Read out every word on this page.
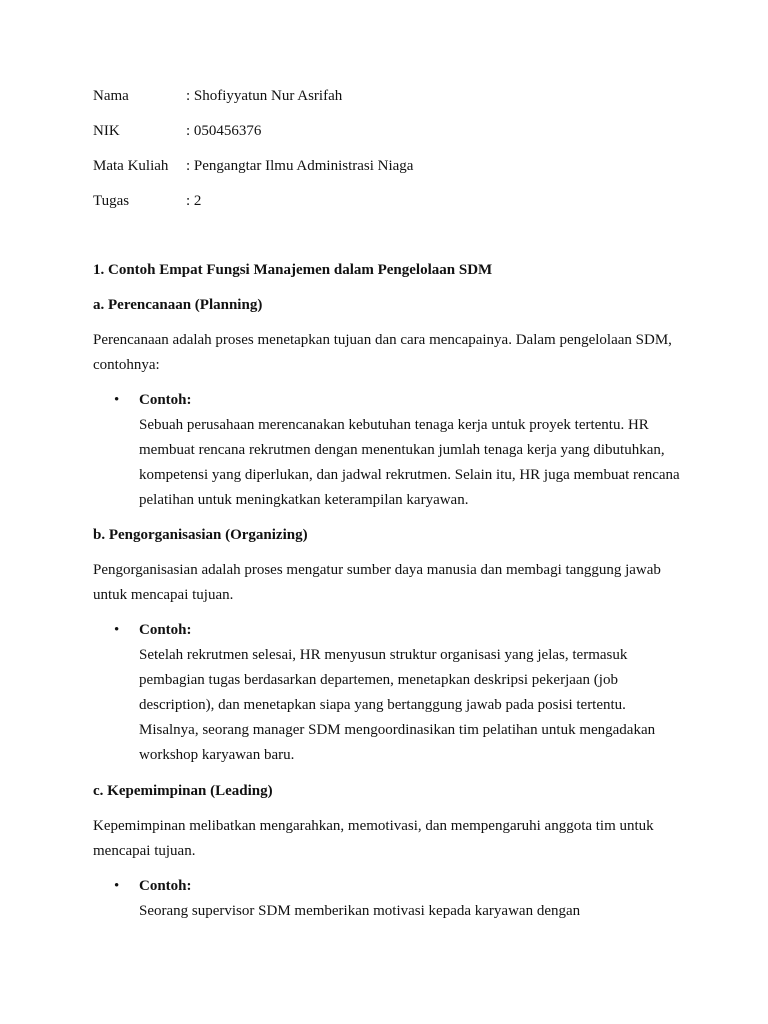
Nama	: Shofiyyatun Nur Asrifah
NIK	: 050456376
Mata Kuliah : Pengangtar Ilmu Administrasi Niaga
Tugas	: 2
1. Contoh Empat Fungsi Manajemen dalam Pengelolaan SDM
a. Perencanaan (Planning)
Perencanaan adalah proses menetapkan tujuan dan cara mencapainya. Dalam pengelolaan SDM, contohnya:
• Contoh:
Sebuah perusahaan merencanakan kebutuhan tenaga kerja untuk proyek tertentu. HR membuat rencana rekrutmen dengan menentukan jumlah tenaga kerja yang dibutuhkan, kompetensi yang diperlukan, dan jadwal rekrutmen. Selain itu, HR juga membuat rencana pelatihan untuk meningkatkan keterampilan karyawan.
b. Pengorganisasian (Organizing)
Pengorganisasian adalah proses mengatur sumber daya manusia dan membagi tanggung jawab untuk mencapai tujuan.
• Contoh:
Setelah rekrutmen selesai, HR menyusun struktur organisasi yang jelas, termasuk pembagian tugas berdasarkan departemen, menetapkan deskripsi pekerjaan (job description), dan menetapkan siapa yang bertanggung jawab pada posisi tertentu. Misalnya, seorang manager SDM mengoordinasikan tim pelatihan untuk mengadakan workshop karyawan baru.
c. Kepemimpinan (Leading)
Kepemimpinan melibatkan mengarahkan, memotivasi, dan mempengaruhi anggota tim untuk mencapai tujuan.
• Contoh:
Seorang supervisor SDM memberikan motivasi kepada karyawan dengan
